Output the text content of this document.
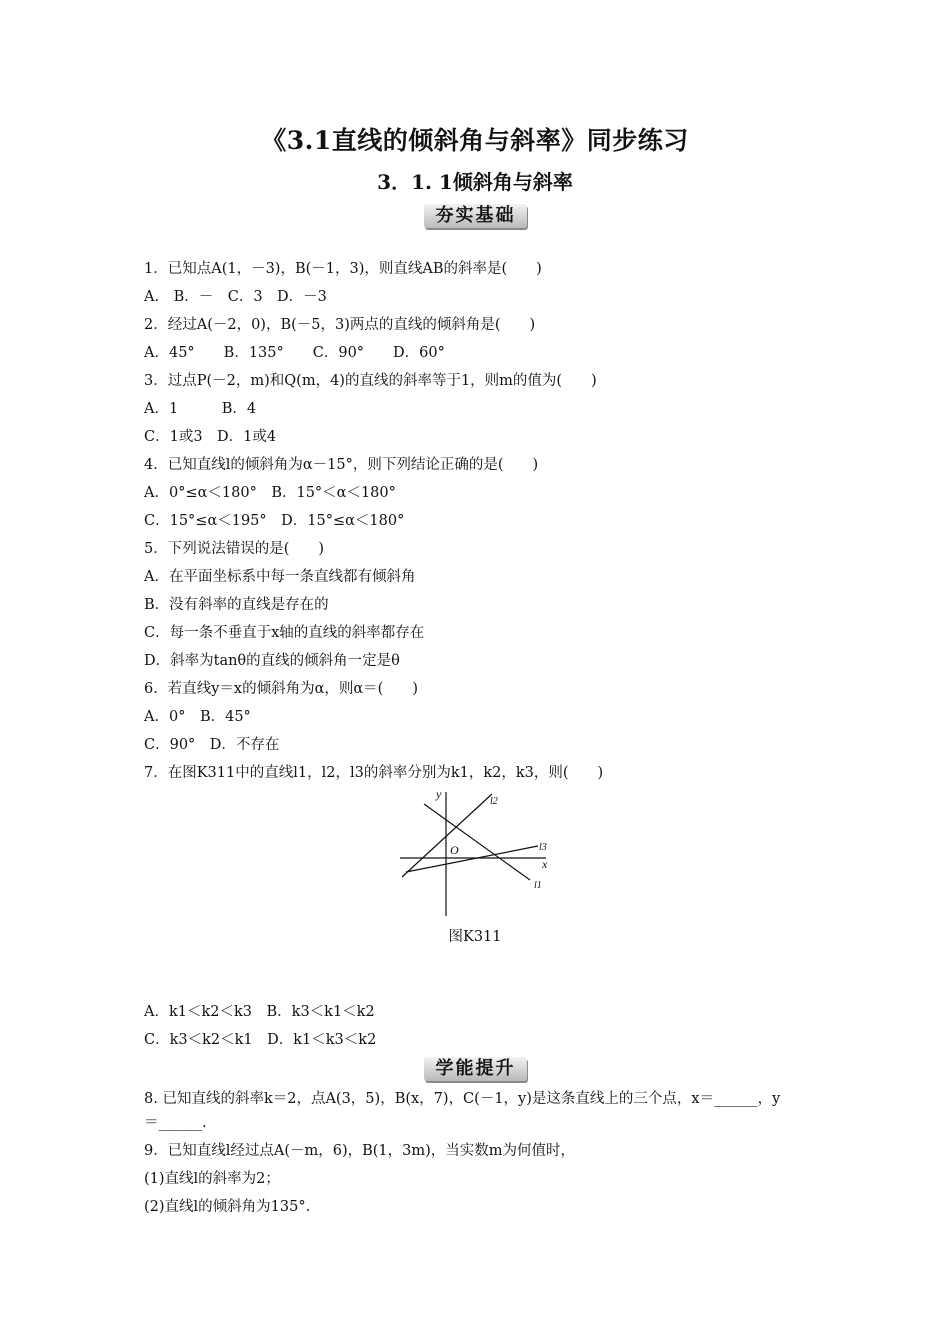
《3.1直线的倾斜角与斜率》同步练习
3．1. 1倾斜角与斜率
夯实基础
1．已知点A(1，－3)，B(－1，3)，则直线AB的斜率是(　　)
A.　B．－　C．3　D．－3
2．经过A(－2，0)，B(－5，3)两点的直线的倾斜角是(　　)
A．45°　　B．135°　　C．90°　　D．60°
3．过点P(－2，m)和Q(m，4)的直线的斜率等于1，则m的值为(　　)
A．1　　　B．4
C．1或3　D．1或4
4．已知直线l的倾斜角为α－15°，则下列结论正确的是(　　)
A．0°≤α＜180°　B．15°＜α＜180°
C．15°≤α＜195°　D．15°≤α＜180°
5．下列说法错误的是(　　)
A．在平面坐标系中每一条直线都有倾斜角
B．没有斜率的直线是存在的
C．每一条不垂直于x轴的直线的斜率都存在
D．斜率为tanθ的直线的倾斜角一定是θ
6．若直线y＝x的倾斜角为α，则α＝(　　)
A．0°　B．45°
C．90°　D．不存在
7．在图K311中的直线l1，l2，l3的斜率分别为k1，k2，k3，则(　　)
y
x
O
l2
l3
l1
图K311
A．k1＜k2＜k3　B．k3＜k1＜k2
C．k3＜k2＜k1　D．k1＜k3＜k2
学能提升
8. 已知直线的斜率k＝2，点A(3，5)，B(x，7)，C(－1，y)是这条直线上的三个点，x＝______，y
＝______.
9．已知直线l经过点A(－m，6)，B(1，3m)，当实数m为何值时，
(1)直线l的斜率为2；
(2)直线l的倾斜角为135°.
